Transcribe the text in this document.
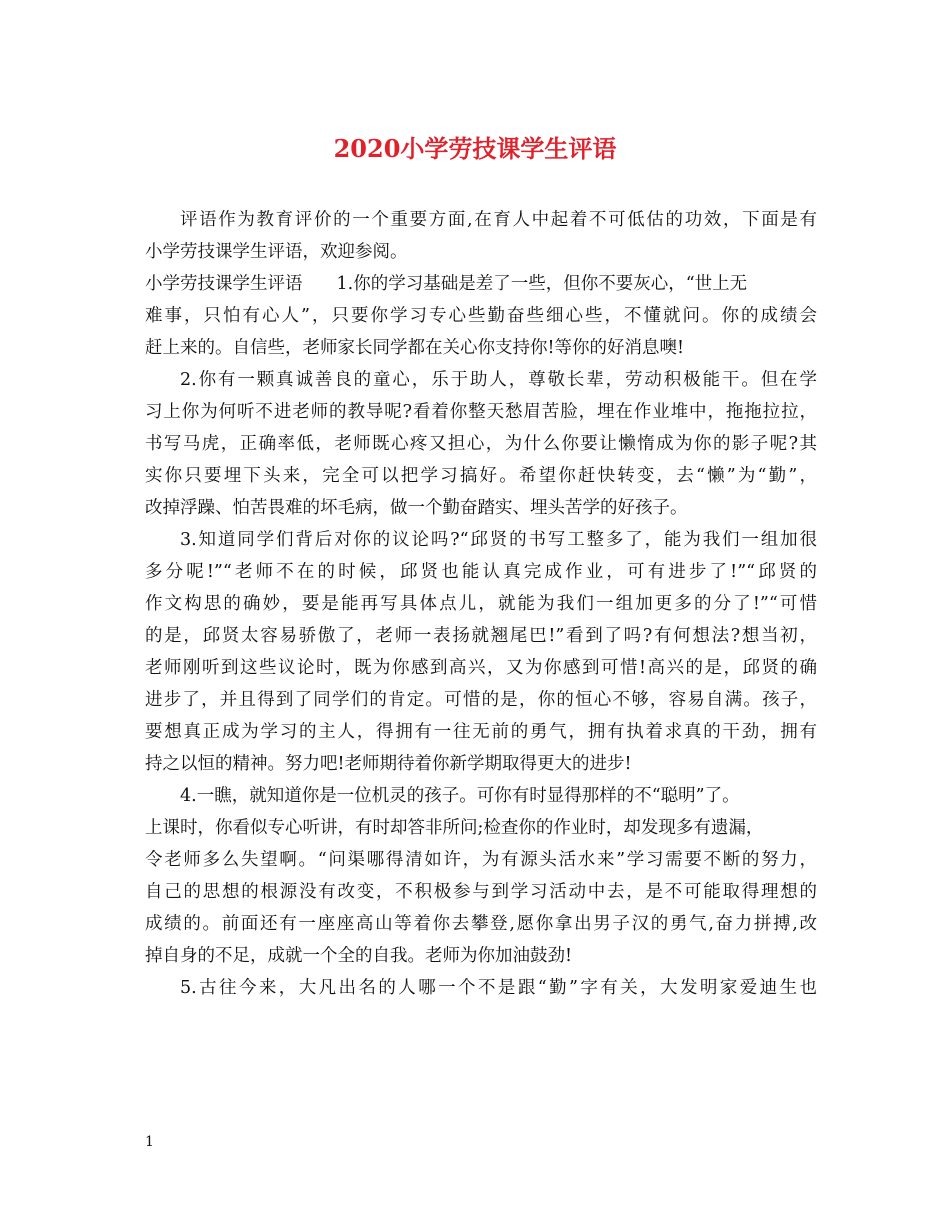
2020小学劳技课学生评语
评语作为教育评价的一个重要方面,在育人中起着不可低估的功效，下面是有
小学劳技课学生评语，欢迎参阅。
小学劳技课学生评语 1.你的学习基础是差了一些，但你不要灰心，“世上无
难事，只怕有心人”，只要你学习专心些勤奋些细心些，不懂就问。你的成绩会
赶上来的。自信些，老师家长同学都在关心你支持你!等你的好消息噢!
2.你有一颗真诚善良的童心，乐于助人，尊敬长辈，劳动积极能干。但在学
习上你为何听不进老师的教导呢?看着你整天愁眉苦脸，埋在作业堆中，拖拖拉拉，
书写马虎，正确率低，老师既心疼又担心，为什么你要让懒惰成为你的影子呢?其
实你只要埋下头来，完全可以把学习搞好。希望你赶快转变，去“懒”为“勤”，
改掉浮躁、怕苦畏难的坏毛病，做一个勤奋踏实、埋头苦学的好孩子。
3.知道同学们背后对你的议论吗?“邱贤的书写工整多了，能为我们一组加很
多分呢!”“老师不在的时候，邱贤也能认真完成作业，可有进步了!”“邱贤的
作文构思的确妙，要是能再写具体点儿，就能为我们一组加更多的分了!”“可惜
的是，邱贤太容易骄傲了，老师一表扬就翘尾巴!”看到了吗?有何想法?想当初，
老师刚听到这些议论时，既为你感到高兴，又为你感到可惜!高兴的是，邱贤的确
进步了，并且得到了同学们的肯定。可惜的是，你的恒心不够，容易自满。孩子，
要想真正成为学习的主人，得拥有一往无前的勇气，拥有执着求真的干劲，拥有
持之以恒的精神。努力吧!老师期待着你新学期取得更大的进步!
4.一瞧，就知道你是一位机灵的孩子。可你有时显得那样的不“聪明”了。
上课时，你看似专心听讲，有时却答非所问;检查你的作业时，却发现多有遗漏，
令老师多么失望啊。“问渠哪得清如许，为有源头活水来”学习需要不断的努力，
自己的思想的根源没有改变，不积极参与到学习活动中去，是不可能取得理想的
成绩的。前面还有一座座高山等着你去攀登,愿你拿出男子汉的勇气,奋力拼搏,改
掉自身的不足，成就一个全的自我。老师为你加油鼓劲!
5.古往今来，大凡出名的人哪一个不是跟“勤”字有关，大发明家爱迪生也
1
